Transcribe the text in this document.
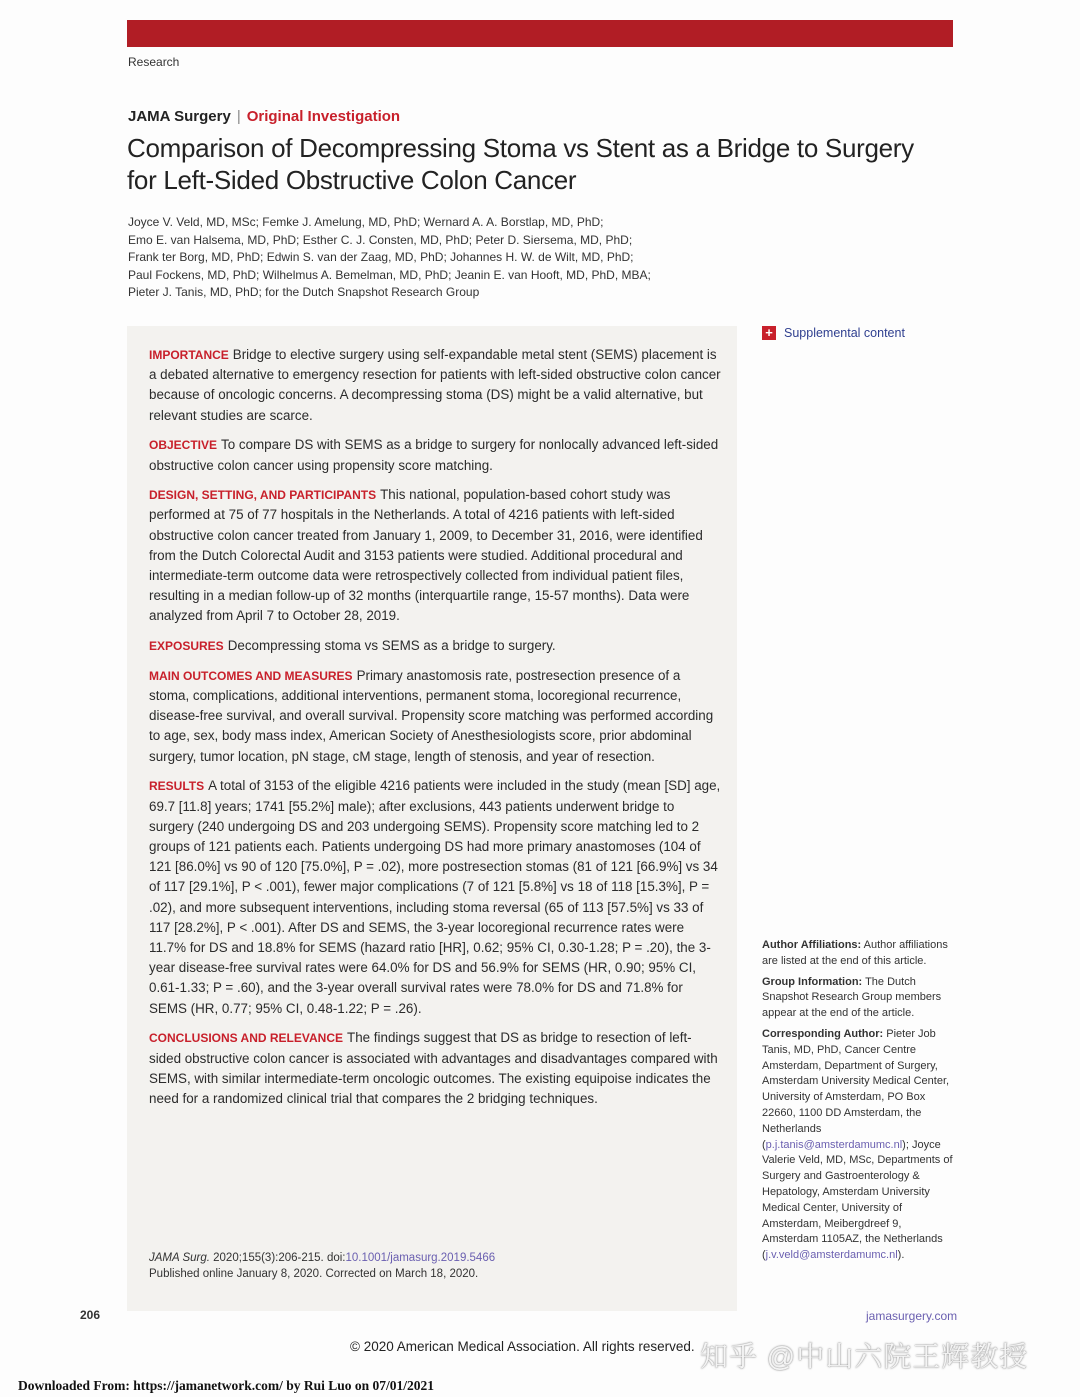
Research
JAMA Surgery | Original Investigation
Comparison of Decompressing Stoma vs Stent as a Bridge to Surgery for Left-Sided Obstructive Colon Cancer
Joyce V. Veld, MD, MSc; Femke J. Amelung, MD, PhD; Wernard A. A. Borstlap, MD, PhD;
Emo E. van Halsema, MD, PhD; Esther C. J. Consten, MD, PhD; Peter D. Siersema, MD, PhD;
Frank ter Borg, MD, PhD; Edwin S. van der Zaag, MD, PhD; Johannes H. W. de Wilt, MD, PhD;
Paul Fockens, MD, PhD; Wilhelmus A. Bemelman, MD, PhD; Jeanin E. van Hooft, MD, PhD, MBA;
Pieter J. Tanis, MD, PhD; for the Dutch Snapshot Research Group

IMPORTANCE Bridge to elective surgery using self-expandable metal stent (SEMS) placement is a debated alternative to emergency resection for patients with left-sided obstructive colon cancer because of oncologic concerns. A decompressing stoma (DS) might be a valid alternative, but relevant studies are scarce.

OBJECTIVE To compare DS with SEMS as a bridge to surgery for nonlocally advanced left-sided obstructive colon cancer using propensity score matching.

DESIGN, SETTING, AND PARTICIPANTS This national, population-based cohort study was performed at 75 of 77 hospitals in the Netherlands. A total of 4216 patients with left-sided obstructive colon cancer treated from January 1, 2009, to December 31, 2016, were identified from the Dutch Colorectal Audit and 3153 patients were studied. Additional procedural and intermediate-term outcome data were retrospectively collected from individual patient files, resulting in a median follow-up of 32 months (interquartile range, 15-57 months). Data were analyzed from April 7 to October 28, 2019.

EXPOSURES Decompressing stoma vs SEMS as a bridge to surgery.

MAIN OUTCOMES AND MEASURES Primary anastomosis rate, postresection presence of a stoma, complications, additional interventions, permanent stoma, locoregional recurrence, disease-free survival, and overall survival. Propensity score matching was performed according to age, sex, body mass index, American Society of Anesthesiologists score, prior abdominal surgery, tumor location, pN stage, cM stage, length of stenosis, and year of resection.

RESULTS A total of 3153 of the eligible 4216 patients were included in the study (mean [SD] age, 69.7 [11.8] years; 1741 [55.2%] male); after exclusions, 443 patients underwent bridge to surgery (240 undergoing DS and 203 undergoing SEMS). Propensity score matching led to 2 groups of 121 patients each. Patients undergoing DS had more primary anastomoses (104 of 121 [86.0%] vs 90 of 120 [75.0%], P = .02), more postresection stomas (81 of 121 [66.9%] vs 34 of 117 [29.1%], P < .001), fewer major complications (7 of 121 [5.8%] vs 18 of 118 [15.3%], P = .02), and more subsequent interventions, including stoma reversal (65 of 113 [57.5%] vs 33 of 117 [28.2%], P < .001). After DS and SEMS, the 3-year locoregional recurrence rates were 11.7% for DS and 18.8% for SEMS (hazard ratio [HR], 0.62; 95% CI, 0.30-1.28; P = .20), the 3-year disease-free survival rates were 64.0% for DS and 56.9% for SEMS (HR, 0.90; 95% CI, 0.61-1.33; P = .60), and the 3-year overall survival rates were 78.0% for DS and 71.8% for SEMS (HR, 0.77; 95% CI, 0.48-1.22; P = .26).

CONCLUSIONS AND RELEVANCE The findings suggest that DS as bridge to resection of left-sided obstructive colon cancer is associated with advantages and disadvantages compared with SEMS, with similar intermediate-term oncologic outcomes. The existing equipoise indicates the need for a randomized clinical trial that compares the 2 bridging techniques.

JAMA Surg. 2020;155(3):206-215. doi:10.1001/jamasurg.2019.5466
Published online January 8, 2020. Corrected on March 18, 2020.
+ Supplemental content

Author Affiliations: Author affiliations are listed at the end of this article.

Group Information: The Dutch Snapshot Research Group members appear at the end of the article.

Corresponding Author: Pieter Job Tanis, MD, PhD, Cancer Centre Amsterdam, Department of Surgery, Amsterdam University Medical Center, University of Amsterdam, PO Box 22660, 1100 DD Amsterdam, the Netherlands (p.j.tanis@amsterdamumc.nl); Joyce Valerie Veld, MD, MSc, Departments of Surgery and Gastroenterology & Hepatology, Amsterdam University Medical Center, University of Amsterdam, Meibergdreef 9, Amsterdam 1105AZ, the Netherlands (j.v.veld@amsterdamumc.nl).

206	jamasurgery.com
© 2020 American Medical Association. All rights reserved. 知乎 @中山六院王辉教授
Downloaded From: https://jamanetwork.com/ by Rui Luo on 07/01/2021
